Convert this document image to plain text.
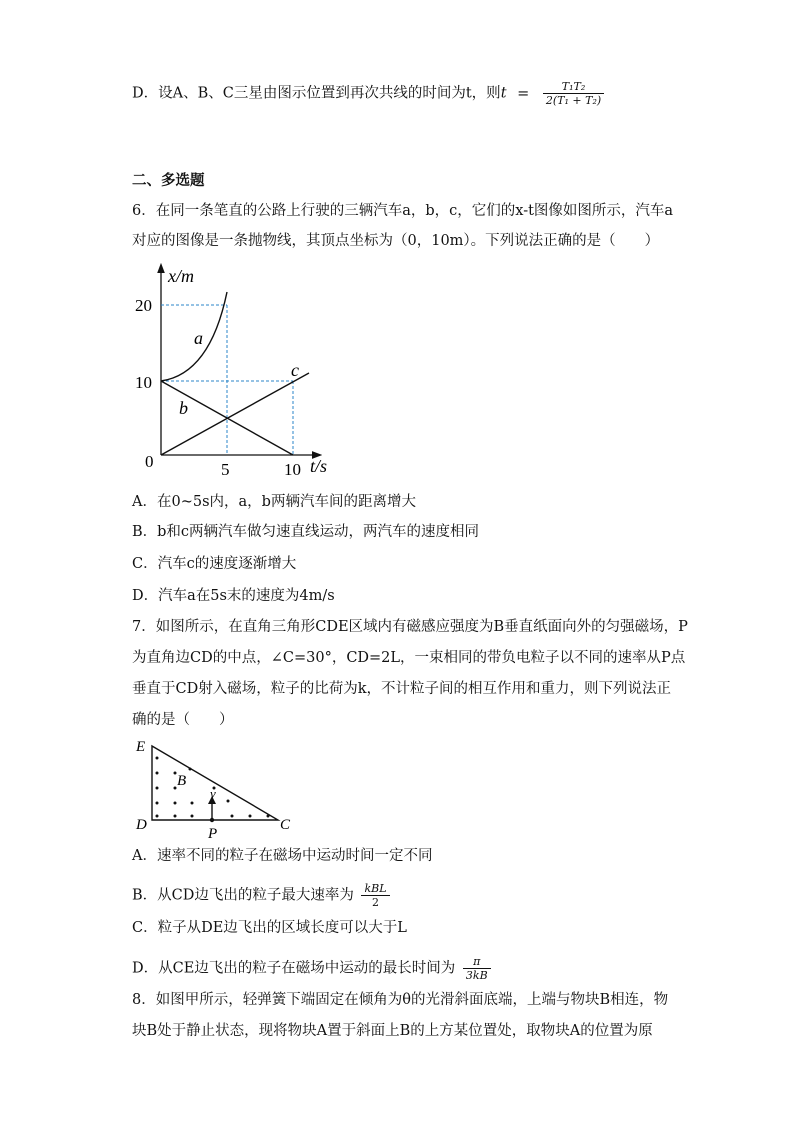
D．设A、B、C三星由图示位置到再次共线的时间为t，则$t = \frac{\text{T₁T₂}}{\text{2(T₁ + T₂)}}$
二、多选题
6．在同一条笔直的公路上行驶的三辆汽车a，b，c，它们的x-t图像如图所示，汽车a
对应的图像是一条抛物线，其顶点坐标为（0，10m）。下列说法正确的是（　　）
x/m
20
10
0	5	10 t/s
a
b
c
A．在0~5s内，a，b两辆汽车间的距离增大
B．b和c两辆汽车做匀速直线运动，两汽车的速度相同
C．汽车c的速度逐渐增大
D．汽车a在5s末的速度为4m/s
7．如图所示，在直角三角形CDE区域内有磁感应强度为B垂直纸面向外的匀强磁场，P
为直角边CD的中点，∠C=30°，CD=2L，一束相同的带负电粒子以不同的速率从P点
垂直于CD射入磁场，粒子的比荷为k，不计粒子间的相互作用和重力，则下列说法正
确的是（　　）
E
D	C
P
B
v
A．速率不同的粒子在磁场中运动时间一定不同
B．从CD边飞出的粒子最大速率为 $\frac{\text{kBL}}{2}$
C．粒子从DE边飞出的区域长度可以大于L
D．从CE边飞出的粒子在磁场中运动的最长时间为 $\frac{\pi}{3kB}$
8．如图甲所示，轻弹簧下端固定在倾角为θ的光滑斜面底端，上端与物块B相连，物
块B处于静止状态，现将物块A置于斜面上B的上方某位置处，取物块A的位置为原
